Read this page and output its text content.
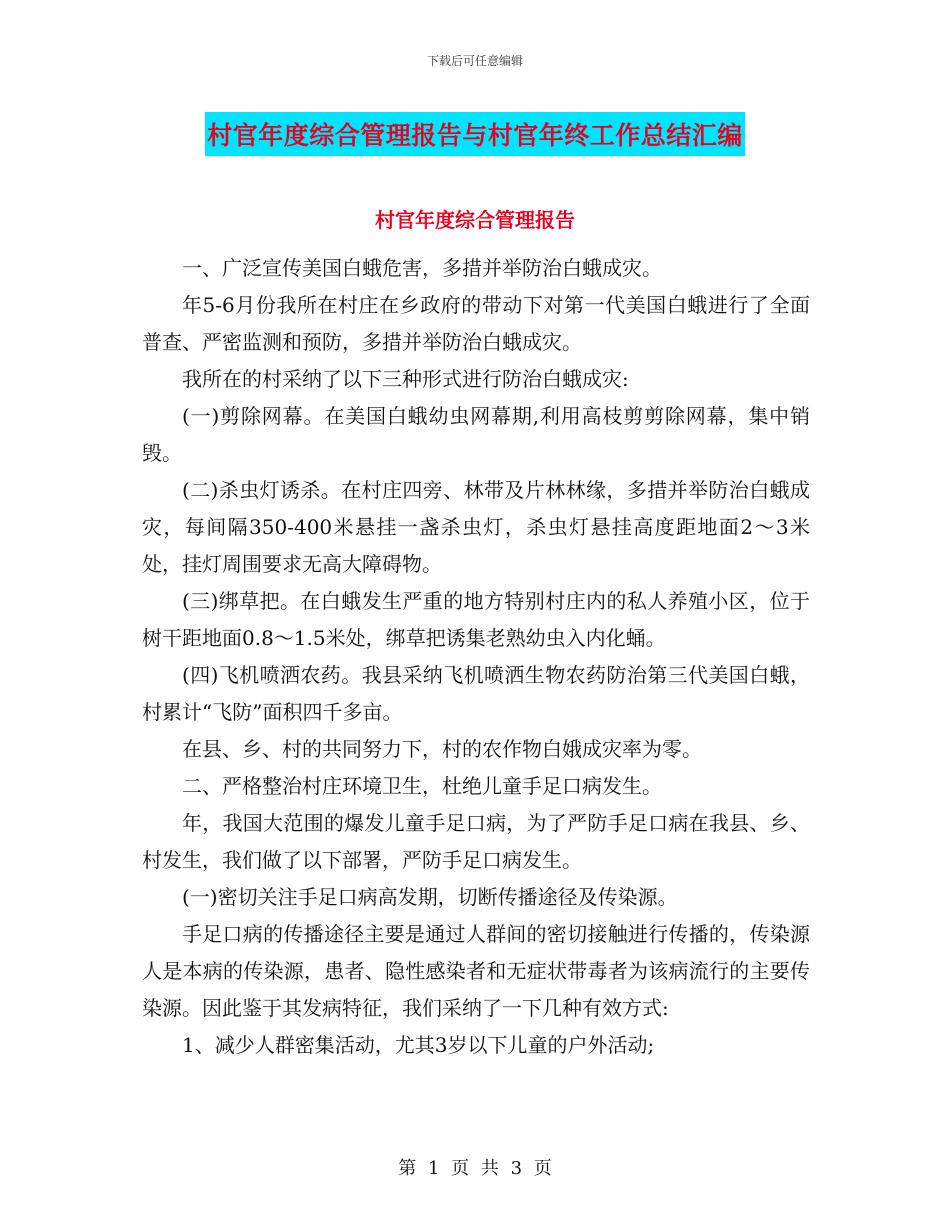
下载后可任意编辑
村官年度综合管理报告与村官年终工作总结汇编
村官年度综合管理报告

一、广泛宣传美国白蛾危害，多措并举防治白蛾成灾。

年5-6月份我所在村庄在乡政府的带动下对第一代美国白蛾进行了全面普查、严密监测和预防，多措并举防治白蛾成灾。

我所在的村采纳了以下三种形式进行防治白蛾成灾:

(一)剪除网幕。在美国白蛾幼虫网幕期,利用高枝剪剪除网幕，集中销毁。

(二)杀虫灯诱杀。在村庄四旁、林带及片林林缘，多措并举防治白蛾成灾，每间隔350-400米悬挂一盏杀虫灯，杀虫灯悬挂高度距地面2～3米处，挂灯周围要求无高大障碍物。

(三)绑草把。在白蛾发生严重的地方特别村庄内的私人养殖小区，位于树干距地面0.8～1.5米处，绑草把诱集老熟幼虫入内化蛹。

(四)飞机喷洒农药。我县采纳飞机喷洒生物农药防治第三代美国白蛾，村累计“飞防”面积四千多亩。

在县、乡、村的共同努力下，村的农作物白娥成灾率为零。

二、严格整治村庄环境卫生，杜绝儿童手足口病发生。

年，我国大范围的爆发儿童手足口病，为了严防手足口病在我县、乡、村发生，我们做了以下部署，严防手足口病发生。

(一)密切关注手足口病高发期，切断传播途径及传染源。

手足口病的传播途径主要是通过人群间的密切接触进行传播的，传染源人是本病的传染源，患者、隐性感染者和无症状带毒者为该病流行的主要传染源。因此鉴于其发病特征，我们采纳了一下几种有效方式:

1、减少人群密集活动，尤其3岁以下儿童的户外活动;

第 1 页 共 3 页
